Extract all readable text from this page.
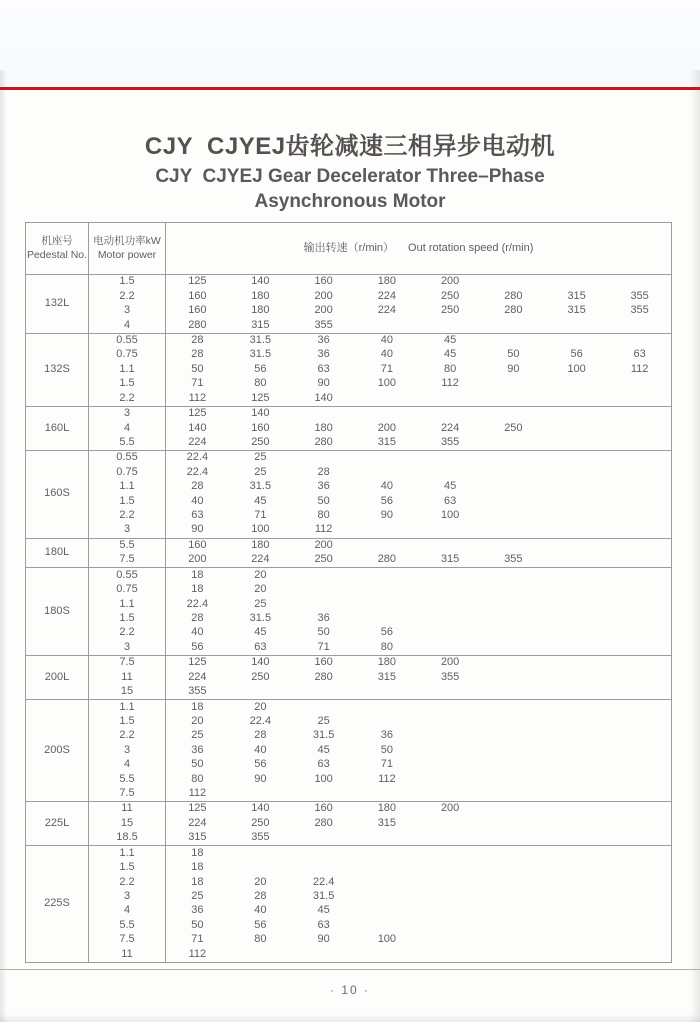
CJY  CJYEJ齿轮减速三相异步电动机
CJY  CJYEJ Gear Decelerator Three–Phase
Asynchronous Motor
机座号
Pedestal No.	电动机功率kW
Motor power	输出转速（r/min） Out rotation speed (r/min)							
132L	1.5	125	140	160	180	200			
	2.2	160	180	200	224	250	280	315	355
	3	160	180	200	224	250	280	315	355
	4	280	315	355					
132S	0.55	28	31.5	36	40	45			
	0.75	28	31.5	36	40	45	50	56	63
	1.1	50	56	63	71	80	90	100	112
	1.5	71	80	90	100	112			
	2.2	112	125	140					
160L	3	125	140						
	4	140	160	180	200	224	250		
	5.5	224	250	280	315	355			
160S	0.55	22.4	25						
	0.75	22.4	25	28					
	1.1	28	31.5	36	40	45			
	1.5	40	45	50	56	63			
	2.2	63	71	80	90	100			
	3	90	100	112					
180L	5.5	160	180	200					
	7.5	200	224	250	280	315	355		
180S	0.55	18	20						
	0.75	18	20						
	1.1	22.4	25						
	1.5	28	31.5	36					
	2.2	40	45	50	56				
	3	56	63	71	80				
200L	7.5	125	140	160	180	200			
	11	224	250	280	315	355			
	15	355							
200S	1.1	18	20						
	1.5	20	22.4	25					
	2.2	25	28	31.5	36				
	3	36	40	45	50				
	4	50	56	63	71				
	5.5	80	90	100	112				
	7.5	112							
225L	11	125	140	160	180	200			
	15	224	250	280	315				
	18.5	315	355						
225S	1.1	18							
	1.5	18							
	2.2	18	20	22.4					
	3	25	28	31.5					
	4	36	40	45					
	5.5	50	56	63					
	7.5	71	80	90	100				
	11	112							
· 10 ·
